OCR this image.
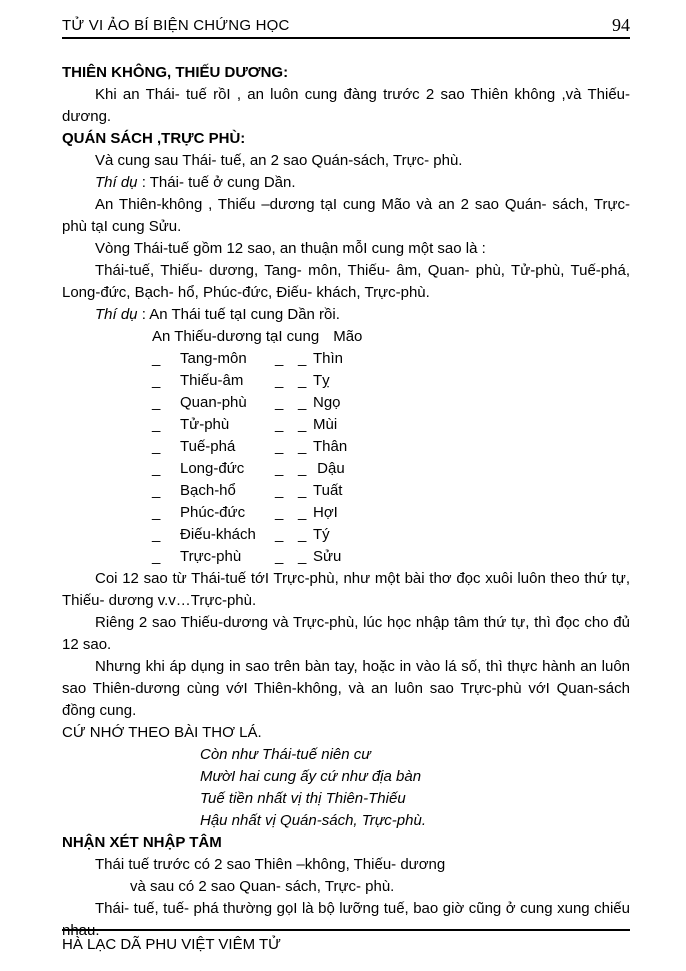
TỬ VI ẢO BÍ BIỆN CHỨNG HỌC	94
THIÊN KHÔNG, THIẾU DƯƠNG:

Khi an Thái- tuế rồI , an luôn cung đàng trước 2 sao Thiên không ,và Thiếu- dương.

QUÁN SÁCH ,TRỰC PHÙ:

Và cung sau Thái- tuế, an 2 sao Quán-sách, Trực- phù.

Thí dụ : Thái- tuế ở cung Dần.

An Thiên-không , Thiếu –dương tạI cung Mão và an 2 sao Quán- sách, Trực-phù tạI cung Sửu.

Vòng Thái-tuế gồm 12 sao, an thuận mỗI cung một sao là :

Thái-tuế, Thiếu- dương, Tang- môn, Thiếu- âm, Quan- phù, Tử-phù, Tuế-phá, Long-đức, Bạch- hổ, Phúc-đức, Điếu- khách, Trực-phù.

Thí dụ : An Thái tuế tạI cung Dần rồi.

An Thiếu-dương tạI cung Mão
_	Tang-môn	_ _ Thìn
_	Thiếu-âm	_ _ Tỵ
_	Quan-phù	_ _ Ngọ
_	Tử-phù	_ _ Mùi
_	Tuế-phá	_ _ Thân
_	Long-đức	_ _ Dậu
_	Bạch-hổ	_ _ Tuất
_	Phúc-đức	_ _ HợI
_	Điếu-khách	_ _ Tý
_	Trực-phù	_ _ Sửu

Coi 12 sao từ Thái-tuế tớI Trực-phù, như một bài thơ đọc xuôi luôn theo thứ tự, Thiếu- dương v.v…Trực-phù.

Riêng 2 sao Thiếu-dương và Trực-phù, lúc học nhập tâm thứ tự, thì đọc cho đủ 12 sao.

Nhưng khi áp dụng in sao trên bàn tay, hoặc in vào lá số, thì thực hành an luôn sao Thiên-dương cùng vớI Thiên-không, và an luôn sao Trực-phù vớI Quan-sách đồng cung.

CỨ NHỚ THEO BÀI THƠ LÁ.

Còn như Thái-tuế niên cư
MườI hai cung ấy cứ như địa bàn
Tuế tiền nhất vị thị Thiên-Thiếu
Hậu nhất vị Quán-sách, Trực-phù.
NHẬN XÉT NHẬP TÂM

Thái tuế trước có 2 sao Thiên –không, Thiếu- dương

và sau có 2 sao Quan- sách, Trực- phù.

Thái- tuế, tuế- phá thường gọI là bộ lưỡng tuế, bao giờ cũng ở cung xung chiếu nhau.

HÀ LẠC DÃ PHU VIỆT VIÊM TỬ
